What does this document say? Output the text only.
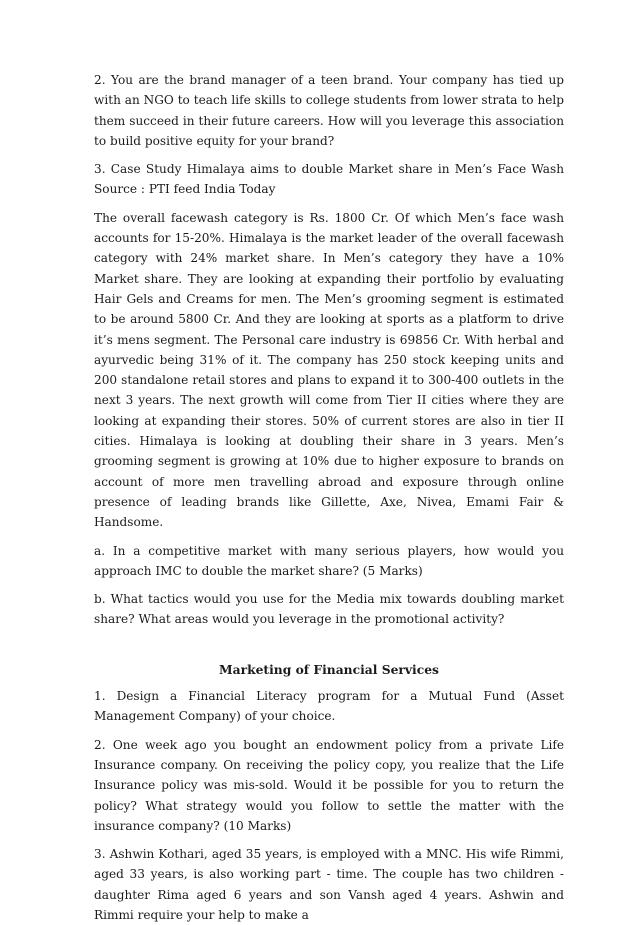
2. You are the brand manager of a teen brand. Your company has tied up with an NGO to teach life skills to college students from lower strata to help them succeed in their future careers. How will you leverage this association to build positive equity for your brand?

3. Case Study Himalaya aims to double Market share in Men’s Face Wash Source : PTI feed India Today

The overall facewash category is Rs. 1800 Cr. Of which Men’s face wash accounts for 15-20%. Himalaya is the market leader of the overall facewash category with 24% market share. In Men’s category they have a 10% Market share. They are looking at expanding their portfolio by evaluating Hair Gels and Creams for men. The Men’s grooming segment is estimated to be around 5800 Cr. And they are looking at sports as a platform to drive it’s mens segment. The Personal care industry is 69856 Cr. With herbal and ayurvedic being 31% of it. The company has 250 stock keeping units and 200 standalone retail stores and plans to expand it to 300-400 outlets in the next 3 years. The next growth will come from Tier II cities where they are looking at expanding their stores. 50% of current stores are also in tier II cities. Himalaya is looking at doubling their share in 3 years. Men’s grooming segment is growing at 10% due to higher exposure to brands on account of more men travelling abroad and exposure through online presence of leading brands like Gillette, Axe, Nivea, Emami Fair & Handsome.

a. In a competitive market with many serious players, how would you approach IMC to double the market share? (5 Marks)

b. What tactics would you use for the Media mix towards doubling market share? What areas would you leverage in the promotional activity?

Marketing of Financial Services

1. Design a Financial Literacy program for a Mutual Fund (Asset Management Company) of your choice.

2. One week ago you bought an endowment policy from a private Life Insurance company. On receiving the policy copy, you realize that the Life Insurance policy was mis-sold. Would it be possible for you to return the policy? What strategy would you follow to settle the matter with the insurance company? (10 Marks)

3. Ashwin Kothari, aged 35 years, is employed with a MNC. His wife Rimmi, aged 33 years, is also working part - time. The couple has two children - daughter Rima aged 6 years and son Vansh aged 4 years. Ashwin and Rimmi require your help to make a
